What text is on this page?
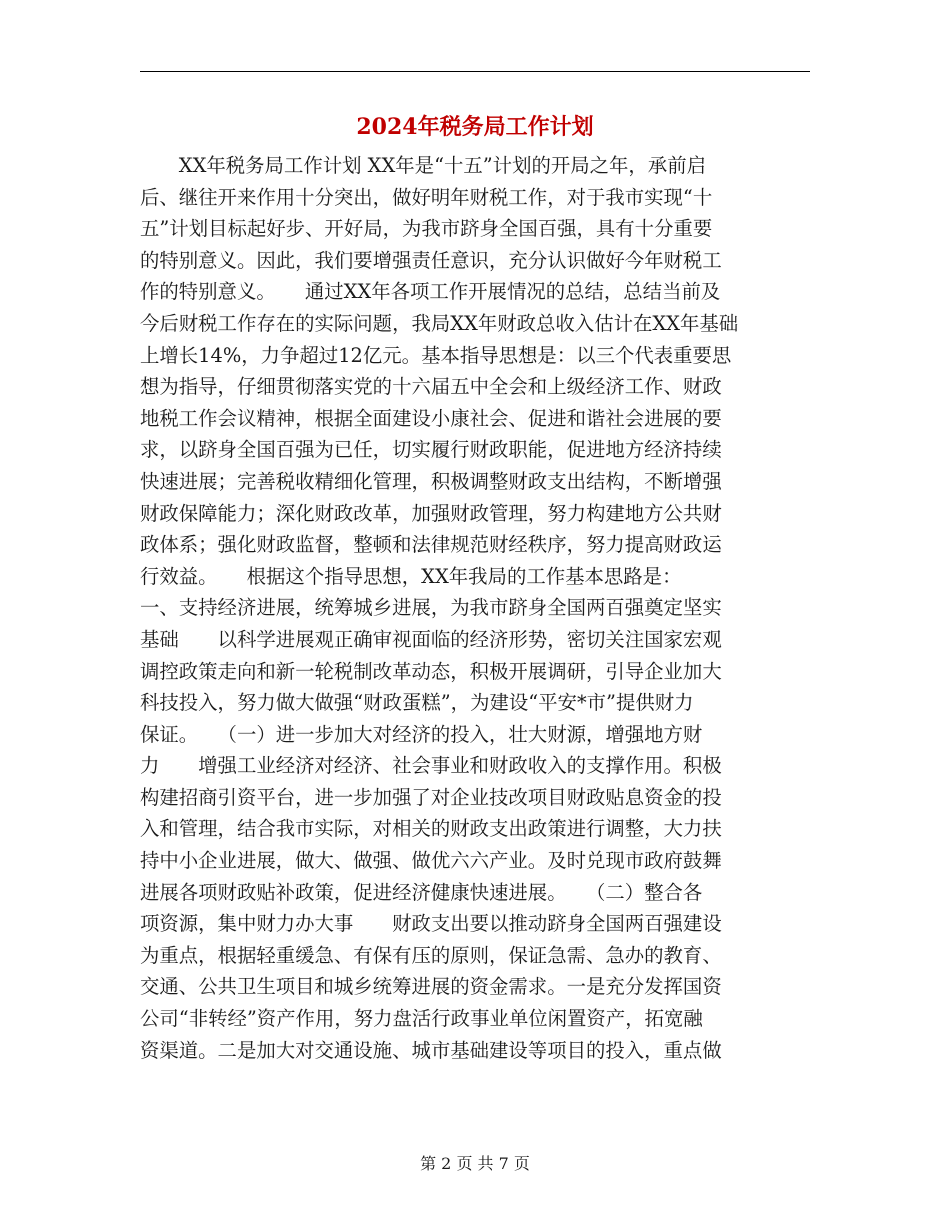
2024年税务局工作计划
　　XX年税务局工作计划 XX年是“十五”计划的开局之年，承前启
后、继往开来作用十分突出，做好明年财税工作，对于我市实现“十
五”计划目标起好步、开好局，为我市跻身全国百强，具有十分重要
的特别意义。因此，我们要增强责任意识，充分认识做好今年财税工
作的特别意义。　　通过XX年各项工作开展情况的总结，总结当前及
今后财税工作存在的实际问题，我局XX年财政总收入估计在XX年基础
上增长14%，力争超过12亿元。基本指导思想是：以三个代表重要思
想为指导，仔细贯彻落实党的十六届五中全会和上级经济工作、财政
地税工作会议精神，根据全面建设小康社会、促进和谐社会进展的要
求，以跻身全国百强为已任，切实履行财政职能，促进地方经济持续
快速进展；完善税收精细化管理，积极调整财政支出结构，不断增强
财政保障能力；深化财政改革，加强财政管理，努力构建地方公共财
政体系；强化财政监督，整顿和法律规范财经秩序，努力提高财政运
行效益。　　根据这个指导思想，XX年我局的工作基本思路是：
一、支持经济进展，统筹城乡进展，为我市跻身全国两百强奠定坚实
基础　　以科学进展观正确审视面临的经济形势，密切关注国家宏观
调控政策走向和新一轮税制改革动态，积极开展调研，引导企业加大
科技投入，努力做大做强“财政蛋糕”，为建设“平安*市”提供财力
保证。　　（一）进一步加大对经济的投入，壮大财源，增强地方财
力　　增强工业经济对经济、社会事业和财政收入的支撑作用。积极
构建招商引资平台，进一步加强了对企业技改项目财政贴息资金的投
入和管理，结合我市实际，对相关的财政支出政策进行调整，大力扶
持中小企业进展，做大、做强、做优六六产业。及时兑现市政府鼓舞
进展各项财政贴补政策，促进经济健康快速进展。　　（二）整合各
项资源，集中财力办大事　　财政支出要以推动跻身全国两百强建设
为重点，根据轻重缓急、有保有压的原则，保证急需、急办的教育、
交通、公共卫生项目和城乡统筹进展的资金需求。一是充分发挥国资
公司“非转经”资产作用，努力盘活行政事业单位闲置资产，拓宽融
资渠道。二是加大对交通设施、城市基础建设等项目的投入，重点做
第 2 页 共 7 页
